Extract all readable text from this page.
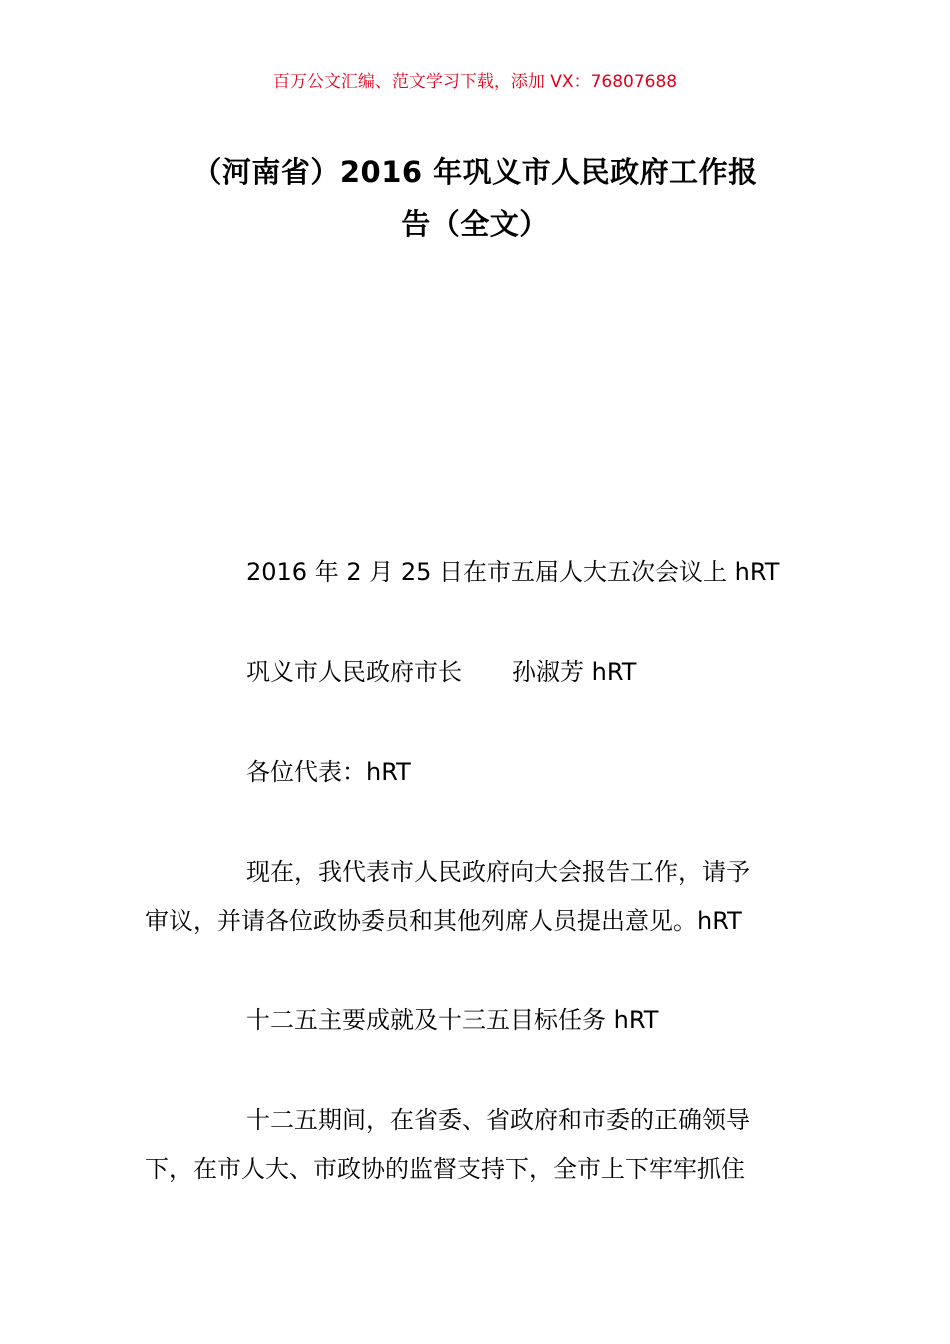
百万公文汇编、范文学习下载，添加 VX：76807688
（河南省）2016 年巩义市人民政府工作报
告（全文）
2016 年 2 月 25 日在市五届人大五次会议上 hRT
巩义市人民政府市长 孙淑芳 hRT
各位代表：hRT
现在，我代表市人民政府向大会报告工作，请予
审议，并请各位政协委员和其他列席人员提出意见。hRT
十二五主要成就及十三五目标任务 hRT
十二五期间，在省委、省政府和市委的正确领导
下，在市人大、市政协的监督支持下，全市上下牢牢抓住
